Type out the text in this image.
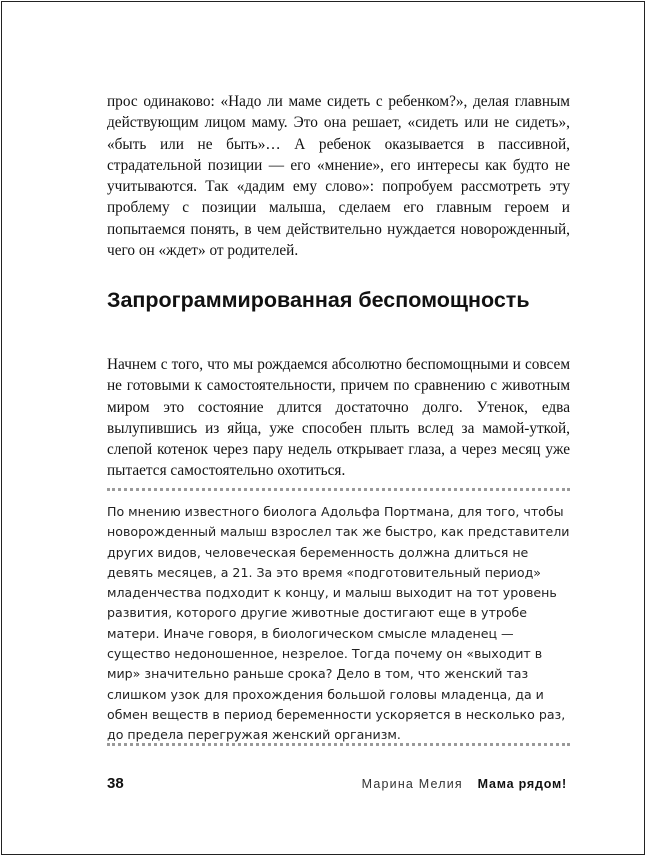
прос одинаково: «Надо ли маме сидеть с ребенком?», делая главным действующим лицом маму. Это она решает, «сидеть или не сидеть», «быть или не быть»… А ребенок оказывается в пассивной, страдательной позиции — его «мнение», его интересы как будто не учитываются. Так «дадим ему слово»: попробуем рассмотреть эту проблему с позиции малыша, сделаем его главным героем и попытаемся понять, в чем действительно нуждается новорожденный, чего он «ждет» от родителей.

Запрограммированная беспомощность

Начнем с того, что мы рождаемся абсолютно беспомощными и совсем не готовыми к самостоятельности, причем по сравнению с животным миром это состояние длится достаточно долго. Утенок, едва вылупившись из яйца, уже способен плыть вслед за мамой-уткой, слепой котенок через пару недель открывает глаза, а через месяц уже пытается самостоятельно охотиться.

По мнению известного биолога Адольфа Портмана, для того, чтобы новорожденный малыш взрослел так же быстро, как представители других видов, человеческая беременность должна длиться не девять месяцев, а 21. За это время «подготовительный период» младенчества подходит к концу, и малыш выходит на тот уровень развития, которого другие животные достигают еще в утробе матери. Иначе говоря, в биологическом смысле младенец — существо недоношенное, незрелое. Тогда почему он «выходит в мир» значительно раньше срока? Дело в том, что женский таз слишком узок для прохождения большой головы младенца, да и обмен веществ в период беременности ускоряется в несколько раз, до предела перегружая женский организм.

38	Марина Мелия Мама рядом!
